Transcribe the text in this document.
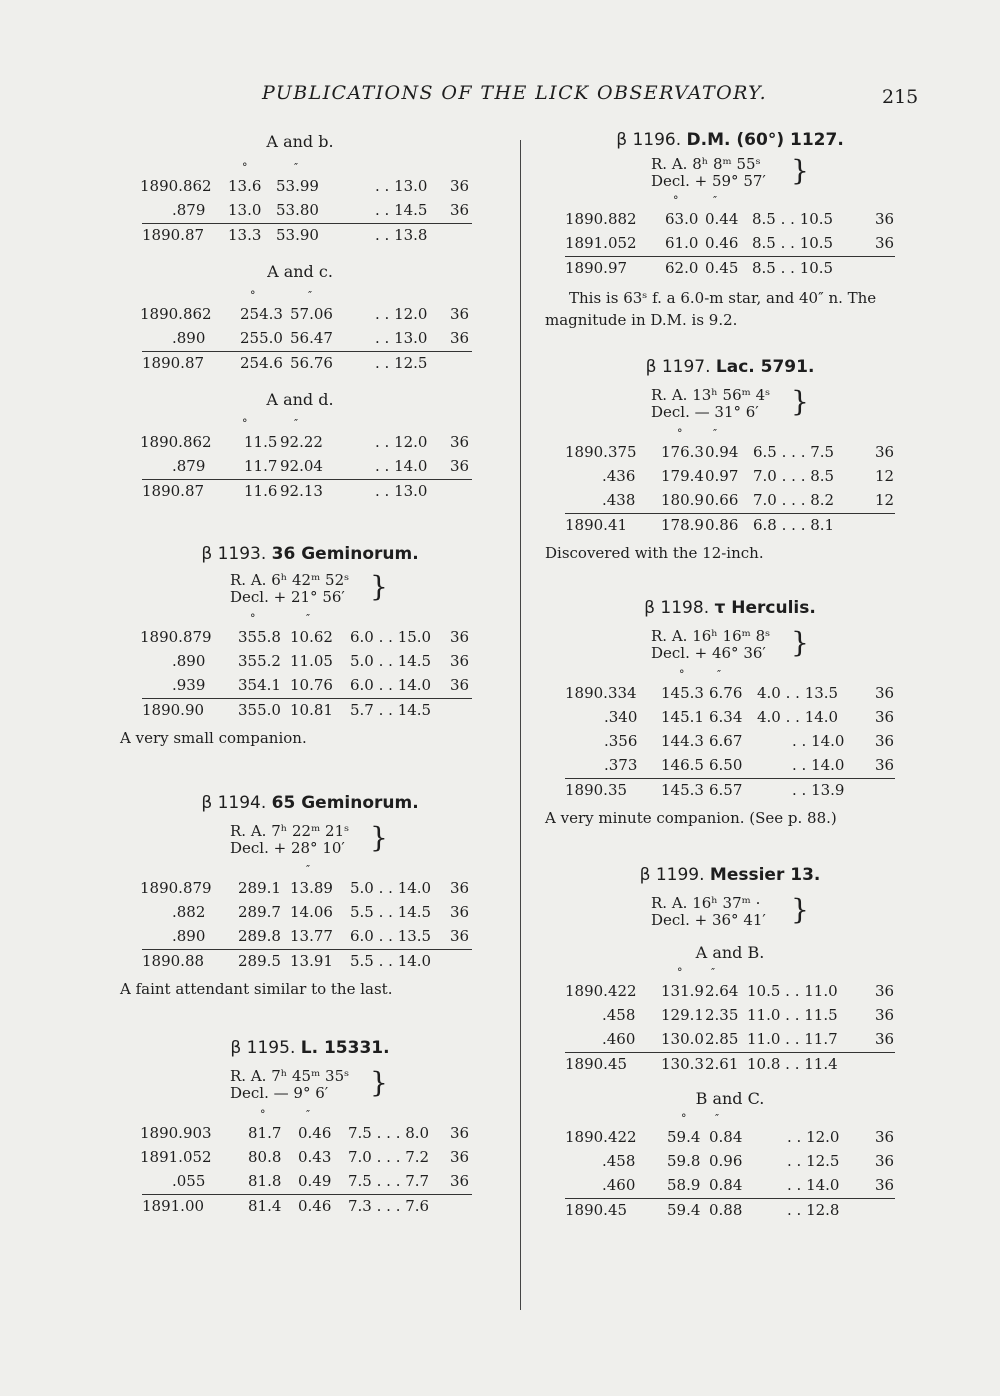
PUBLICATIONS OF THE LICK OBSERVATORY.	215

A and b.

°	″
1890.862 13.6 53.99	. . 13.0 36
.879 13.0 53.80	. . 14.5 36
1890.87 13.3 53.90	. . 13.8

A and c.

°	″
1890.862 254.3 57.06	. . 12.0 36
.890 255.0 56.47	. . 13.0 36
1890.87 254.6 56.76	. . 12.5

A and d.

°	″
1890.862 11.5 92.22	. . 12.0 36
.879	11.7 92.04	. . 14.0 36
1890.87	11.6 92.13	. . 13.0

β 1193. 36 Geminorum.

R. A. 6ʰ 42ᵐ 52ˢ
Decl. + 21° 56′ }
°	″
1890.879 355.8 10.62 6.0 . . 15.0 36
.890 355.2 11.05 5.0 . . 14.5 36
.939 354.1 10.76 6.0 . . 14.0 36
1890.90 355.0 10.81 5.7 . . 14.5

A very small companion.

β 1194. 65 Geminorum.

R. A. 7ʰ 22ᵐ 21ˢ
Decl. + 28° 10′ }
″
1890.879 289.1 13.89 5.0 . . 14.0 36
.882 289.7 14.06 5.5 . . 14.5 36
.890 289.8 13.77 6.0 . . 13.5 36
1890.88 289.5 13.91 5.5 . . 14.0

A faint attendant similar to the last.

β 1195. L. 15331.

R. A. 7ʰ 45ᵐ 35ˢ
Decl. — 9° 6′	}
°	″
1890.903 81.7 0.46 7.5 . . . 8.0 36
1891.052 80.8 0.43 7.0 . . . 7.2 36
.055	81.8 0.49 7.5 . . . 7.7 36
1891.00	81.4 0.46 7.3 . . . 7.6

β 1196. D.M. (60°) 1127.

R. A. 8ʰ 8ᵐ 55ˢ
Decl. + 59° 57′ }
°	″
1890.882 63.0 0.44 8.5 . . 10.5	36
1891.052 61.0 0.46 8.5 . . 10.5	36
1890.97	62.0 0.45 8.5 . . 10.5

This is 63ˢ f. a 6.0-m star, and 40″ n. The magnitude in D.M. is 9.2.

β 1197. Lac. 5791.

R. A. 13ʰ 56ᵐ 4ˢ
Decl. — 31° 6′	}
°	″
1890.375 176.3 0.94 6.5 . . . 7.5	36
.436 179.4 0.97 7.0 . . . 8.5	12
.438 180.9 0.66 7.0 . . . 8.2	12
1890.41 178.9 0.86 6.8 . . . 8.1

Discovered with the 12-inch.

β 1198. τ Herculis.

R. A. 16ʰ 16ᵐ 8ˢ
Decl. + 46° 36′ }
°	″
1890.334 145.3 6.76 4.0 . . 13.5 36
.340 145.1 6.34 4.0 . . 14.0 36
.356 144.3 6.67	. . 14.0 36
.373 146.5 6.50	. . 14.0 36
1890.35 145.3 6.57	. . 13.9

A very minute companion. (See p. 88.)

β 1199. Messier 13.

R. A. 16ʰ 37ᵐ ·
Decl. + 36° 41′ }

A and B.

°	″
1890.422 131.9 2.64 10.5 . . 11.0 36
.458 129.1 2.35 11.0 . . 11.5 36
.460 130.0 2.85 11.0 . . 11.7 36
1890.45 130.3 2.61 10.8 . . 11.4

B and C.

°	″
1890.422 59.4 0.84	. . 12.0 36
.458 59.8 0.96	. . 12.5 36
.460 58.9 0.84	. . 14.0 36
1890.45	59.4 0.88	. . 12.8
